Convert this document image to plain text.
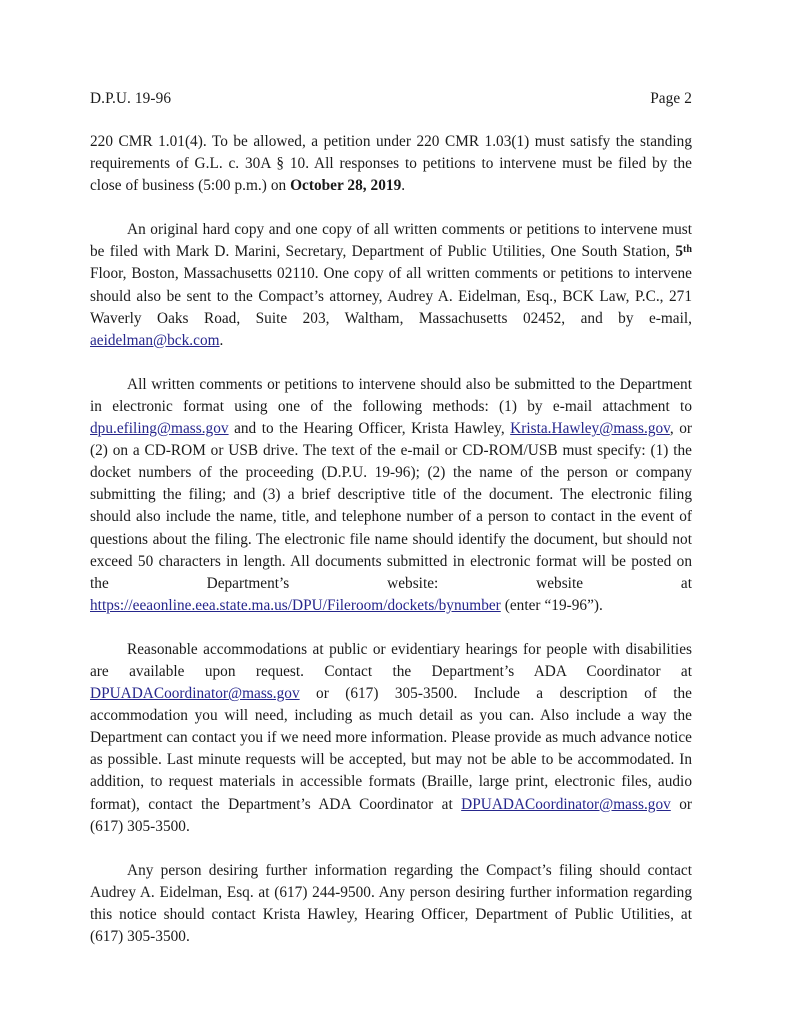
D.P.U. 19-96	Page 2

220 CMR 1.01(4). To be allowed, a petition under 220 CMR 1.03(1) must satisfy the standing requirements of G.L. c. 30A § 10. All responses to petitions to intervene must be filed by the close of business (5:00 p.m.) on October 28, 2019.

An original hard copy and one copy of all written comments or petitions to intervene must be filed with Mark D. Marini, Secretary, Department of Public Utilities, One South Station, 5th Floor, Boston, Massachusetts 02110. One copy of all written comments or petitions to intervene should also be sent to the Compact’s attorney, Audrey A. Eidelman, Esq., BCK Law, P.C., 271 Waverly Oaks Road, Suite 203, Waltham, Massachusetts 02452, and by e-mail, aeidelman@bck.com.

All written comments or petitions to intervene should also be submitted to the Department in electronic format using one of the following methods: (1) by e-mail attachment to dpu.efiling@mass.gov and to the Hearing Officer, Krista Hawley, Krista.Hawley@mass.gov, or (2) on a CD-ROM or USB drive. The text of the e-mail or CD-ROM/USB must specify: (1) the docket numbers of the proceeding (D.P.U. 19-96); (2) the name of the person or company submitting the filing; and (3) a brief descriptive title of the document. The electronic filing should also include the name, title, and telephone number of a person to contact in the event of questions about the filing. The electronic file name should identify the document, but should not exceed 50 characters in length. All documents submitted in electronic format will be posted on the Department’s website: website at https://eeaonline.eea.state.ma.us/DPU/Fileroom/dockets/bynumber (enter “19-96”).

Reasonable accommodations at public or evidentiary hearings for people with disabilities are available upon request. Contact the Department’s ADA Coordinator at DPUADACoordinator@mass.gov or (617) 305-3500. Include a description of the accommodation you will need, including as much detail as you can. Also include a way the Department can contact you if we need more information. Please provide as much advance notice as possible. Last minute requests will be accepted, but may not be able to be accommodated. In addition, to request materials in accessible formats (Braille, large print, electronic files, audio format), contact the Department’s ADA Coordinator at DPUADACoordinator@mass.gov or (617) 305-3500.

Any person desiring further information regarding the Compact’s filing should contact Audrey A. Eidelman, Esq. at (617) 244-9500. Any person desiring further information regarding this notice should contact Krista Hawley, Hearing Officer, Department of Public Utilities, at (617) 305-3500.
